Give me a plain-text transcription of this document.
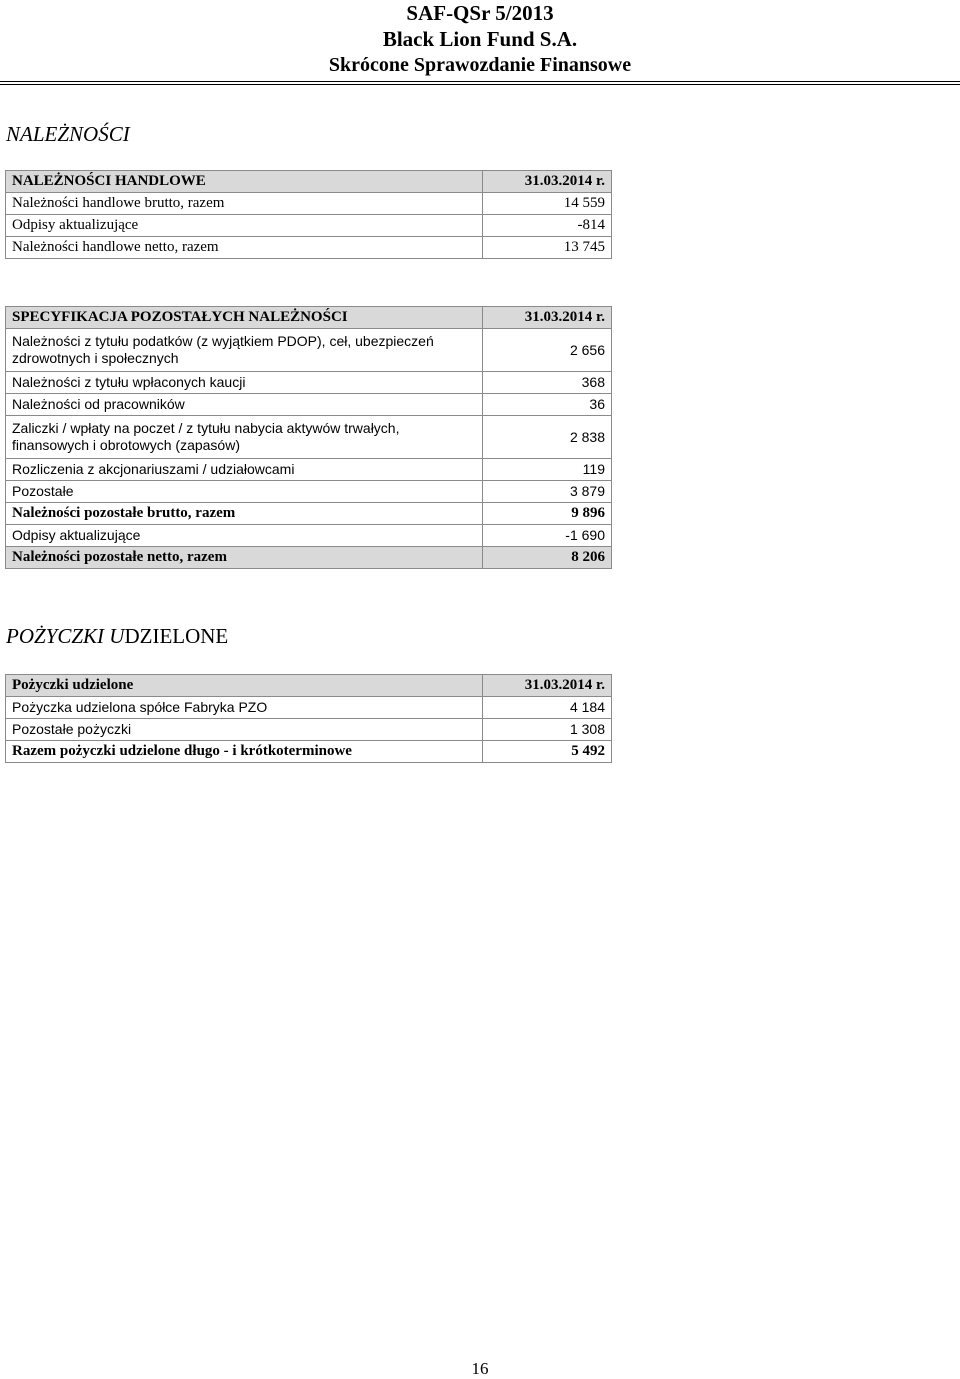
SAF-QSr 5/2013
Black Lion Fund S.A.
Skrócone Sprawozdanie Finansowe
NALEŻNOŚCI
NALEŻNOŚCI HANDLOWE	31.03.2014 r.
Należności handlowe brutto, razem	14 559
Odpisy aktualizujące	-814
Należności handlowe netto, razem	13 745
SPECYFIKACJA POZOSTAŁYCH NALEŻNOŚCI	31.03.2014 r.
Należności z tytułu podatków (z wyjątkiem PDOP), ceł, ubezpieczeń zdrowotnych i społecznych	2 656
Należności z tytułu wpłaconych kaucji	368
Należności od pracowników	36
Zaliczki / wpłaty na poczet / z tytułu nabycia aktywów trwałych, finansowych i obrotowych (zapasów)	2 838
Rozliczenia z akcjonariuszami / udziałowcami	119
Pozostałe	3 879
Należności pozostałe brutto, razem	9 896
Odpisy aktualizujące	-1 690
Należności pozostałe netto, razem	8 206
POŻYCZKI UDZIELONE
Pożyczki udzielone	31.03.2014 r.
Pożyczka udzielona spółce Fabryka PZO	4 184
Pozostałe pożyczki	1 308
Razem pożyczki udzielone długo - i krótkoterminowe	5 492
16
